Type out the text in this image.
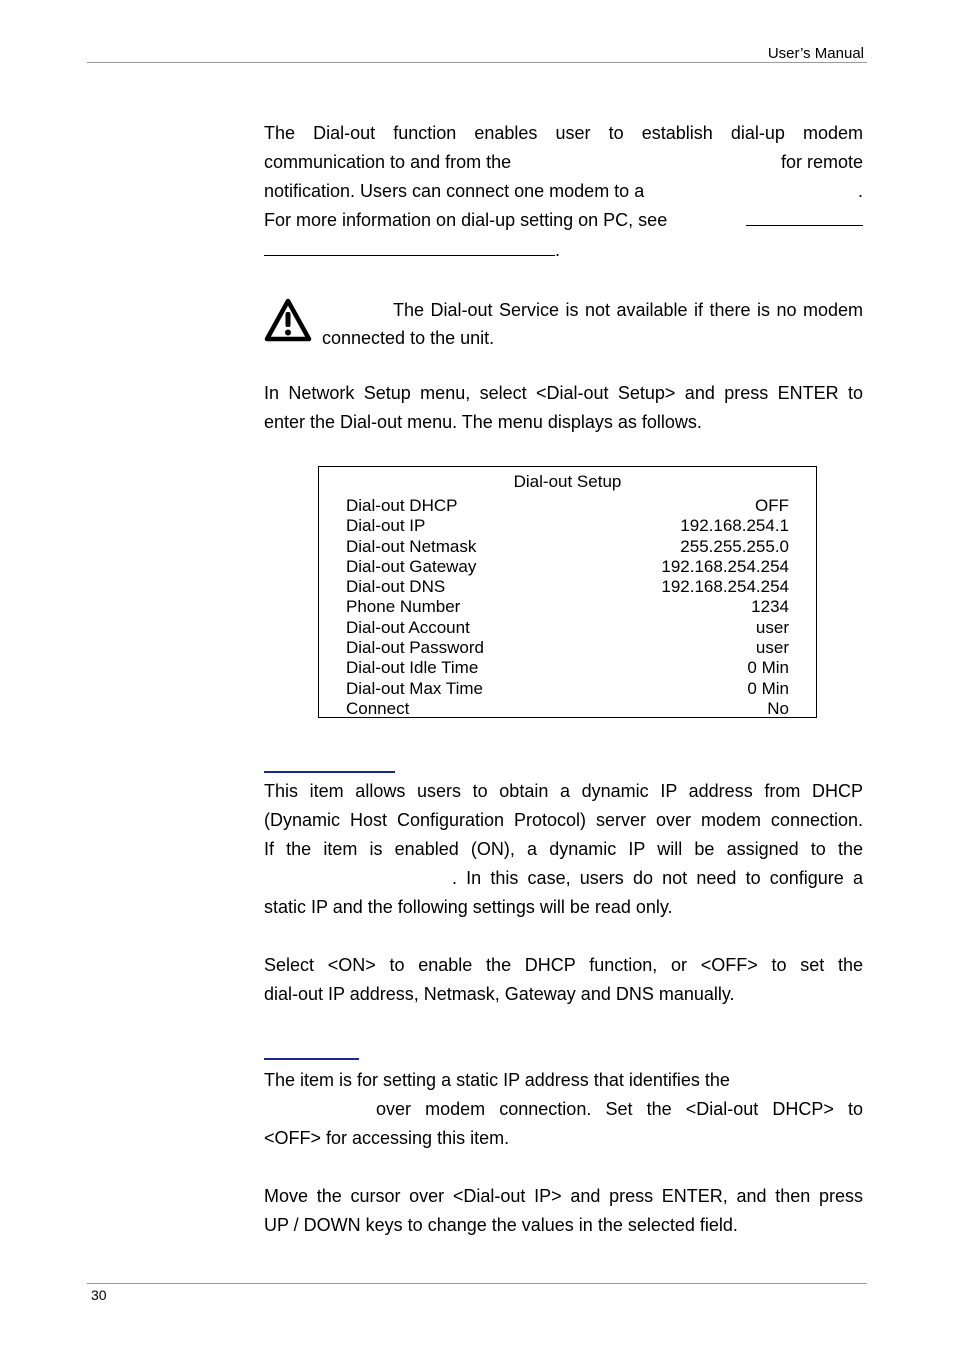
User’s Manual
The Dial-out function enables user to establish dial-up modem
communication to and from the	for remote
notification. Users can connect one modem to a	.
For more information on dial-up setting on PC, see
.

The Dial-out Service is not available if there is no modem connected to the unit.

In Network Setup menu, select <Dial-out Setup> and press ENTER to
enter the Dial-out menu. The menu displays as follows.
Dial-out Setup
Dial-out DHCP	OFF
Dial-out IP	192.168.254.1
Dial-out Netmask	255.255.255.0
Dial-out Gateway	192.168.254.254
Dial-out DNS	192.168.254.254
Phone Number	1234
Dial-out Account	user
Dial-out Password	user
Dial-out Idle Time	0 Min
Dial-out Max Time	0 Min
Connect	No
This item allows users to obtain a dynamic IP address from DHCP
(Dynamic Host Configuration Protocol) server over modem connection.
If the item is enabled (ON), a dynamic IP will be assigned to the
. In this case, users do not need to configure a
static IP and the following settings will be read only.
Select <ON> to enable the DHCP function, or <OFF> to set the
dial-out IP address, Netmask, Gateway and DNS manually.
The item is for setting a static IP address that identifies the
over modem connection. Set the <Dial-out DHCP> to
<OFF> for accessing this item.
Move the cursor over <Dial-out IP> and press ENTER, and then press
UP / DOWN keys to change the values in the selected field.
30
